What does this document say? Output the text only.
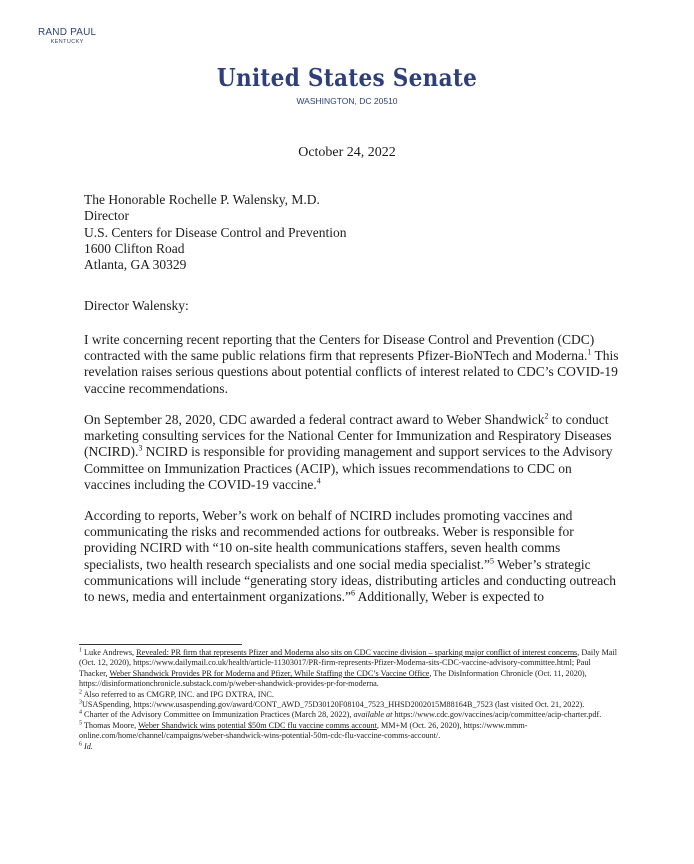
RAND PAUL
KENTUCKY
United States Senate
WASHINGTON, DC 20510
October 24, 2022
The Honorable Rochelle P. Walensky, M.D.
Director
U.S. Centers for Disease Control and Prevention
1600 Clifton Road
Atlanta, GA 30329
Director Walensky:

I write concerning recent reporting that the Centers for Disease Control and Prevention (CDC) contracted with the same public relations firm that represents Pfizer-BioNTech and Moderna.$^1$ This revelation raises serious questions about potential conflicts of interest related to CDC’s COVID-19 vaccine recommendations.

On September 28, 2020, CDC awarded a federal contract award to Weber Shandwick$^2$ to conduct marketing consulting services for the National Center for Immunization and Respiratory Diseases (NCIRD).$^3$ NCIRD is responsible for providing management and support services to the Advisory Committee on Immunization Practices (ACIP), which issues recommendations to CDC on vaccines including the COVID-19 vaccine.$^4$

According to reports, Weber’s work on behalf of NCIRD includes promoting vaccines and communicating the risks and recommended actions for outbreaks. Weber is responsible for providing NCIRD with “10 on-site health communications staffers, seven health comms specialists, two health research specialists and one social media specialist.”$^5$ Weber’s strategic communications will include “generating story ideas, distributing articles and conducting outreach to news, media and entertainment organizations.”$^6$ Additionally, Weber is expected to

$^1$ Luke Andrews, Revealed: PR firm that represents Pfizer and Moderna also sits on CDC vaccine division – sparking major conflict of interest concerns, Daily Mail (Oct. 12, 2020), https://www.dailymail.co.uk/health/article-11303017/PR-firm-represents-Pfizer-Moderna-sits-CDC-vaccine-advisory-committee.html; Paul Thacker, Weber Shandwick Provides PR for Moderna and Pfizer, While Staffing the CDC’s Vaccine Office, The DisInformation Chronicle (Oct. 11, 2020), https://disinformationchronicle.substack.com/p/weber-shandwick-provides-pr-for-moderna.

$^2$ Also referred to as CMGRP, INC. and IPG DXTRA, INC.

$^3$USASpending, https://www.usaspending.gov/award/CONT_AWD_75D30120F08104_7523_HHSD2002015M88164B_7523 (last visited Oct. 21, 2022).

$^4$ Charter of the Advisory Committee on Immunization Practices (March 28, 2022), available at https://www.cdc.gov/vaccines/acip/committee/acip-charter.pdf.

$^5$ Thomas Moore, Weber Shandwick wins potential $50m CDC flu vaccine comms account, MM+M (Oct. 26, 2020), https://www.mmm-online.com/home/channel/campaigns/weber-shandwick-wins-potential-50m-cdc-flu-vaccine-comms-account/.

$^6$ Id.
